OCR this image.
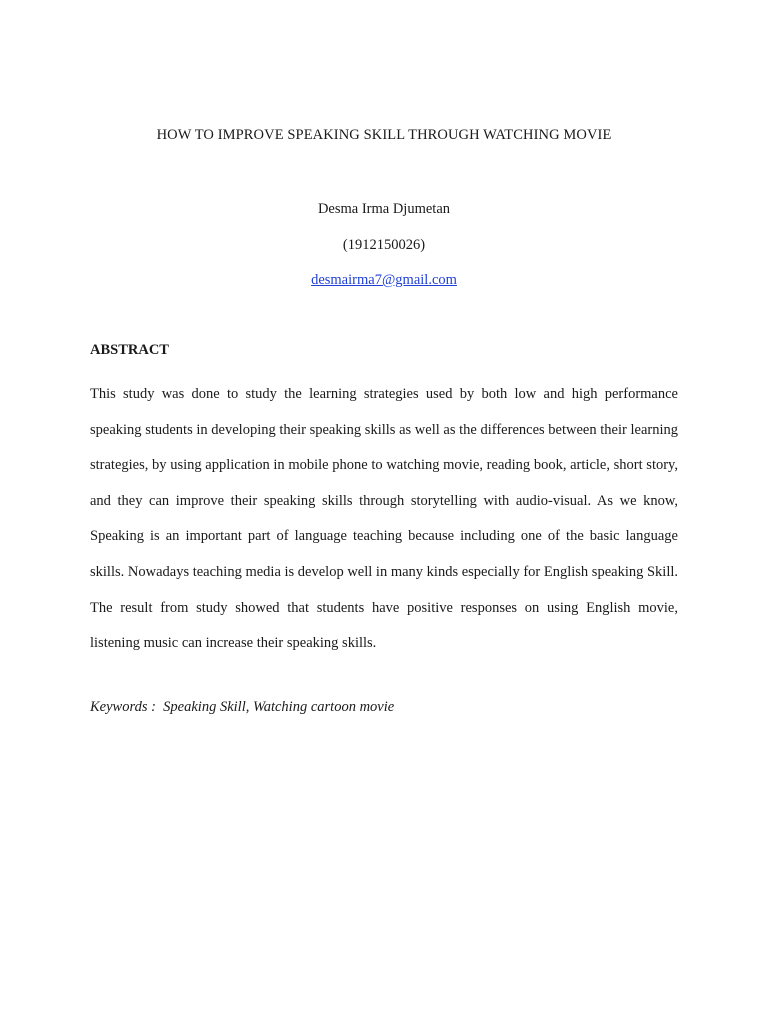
HOW TO IMPROVE SPEAKING SKILL THROUGH WATCHING MOVIE
Desma Irma Djumetan
(1912150026)
desmairma7@gmail.com
ABSTRACT
This study was done to study the learning strategies used by both low and high performance speaking students in developing their speaking skills as well as the differences between their learning strategies, by using application in mobile phone to watching movie, reading book, article, short story, and they can improve their speaking skills through storytelling with audio-visual. As we know, Speaking is an important part of language teaching because including one of the basic language skills. Nowadays teaching media is develop well in many kinds especially for English speaking Skill. The result from study showed that students have positive responses on using English movie, listening music can increase their speaking skills.
Keywords : Speaking Skill, Watching cartoon movie
